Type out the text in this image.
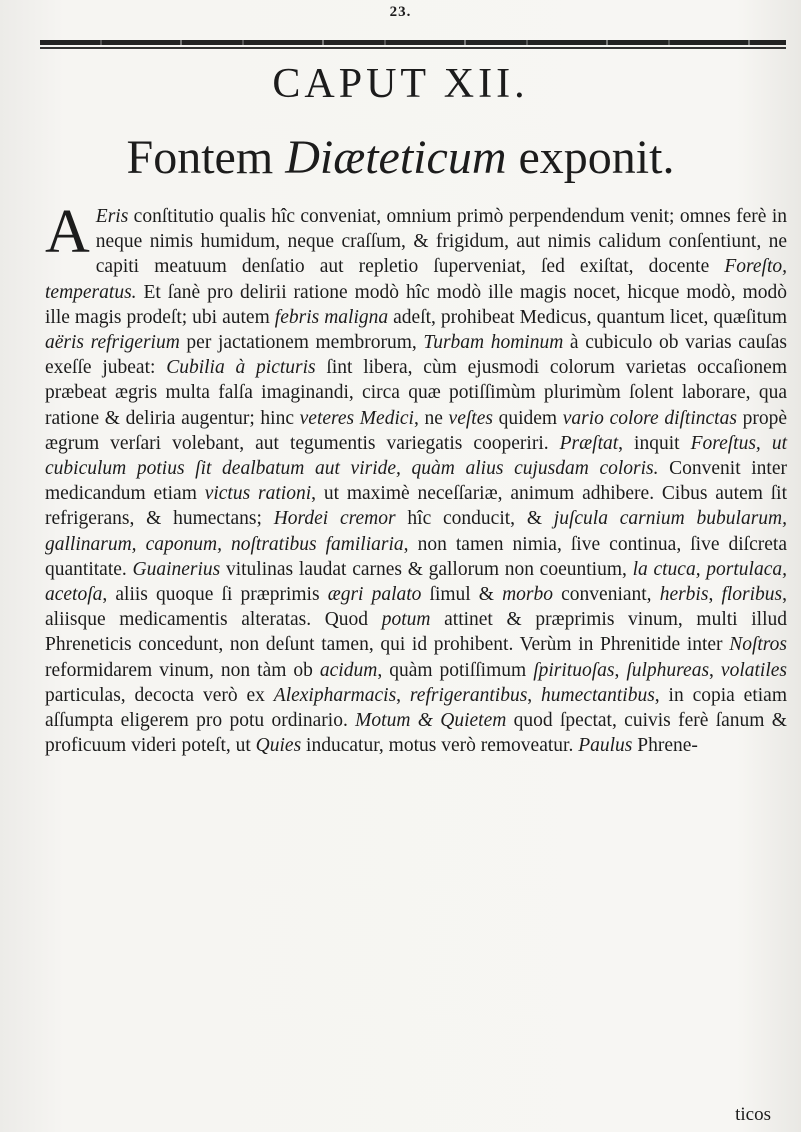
23.
CAPUT XII.
Fontem Diæteticum exponit.

A Eris conſtitutio qualis hîc conveniat, omnium primò perpendendum venit; omnes ferè in neque nimis humidum, neque craſſum, & frigidum, aut nimis calidum conſentiunt, ne capiti meatuum denſatio aut repletio ſuperveniat, ſed exiſtat, docente Foreſto, temperatus. Et ſanè pro delirii ratione modò hîc modò ille magis nocet, hicque modò, modò ille magis prodeſt; ubi autem febris maligna adeſt, prohibeat Medicus, quantum licet, quæſitum aëris refrigerium per jactationem membrorum, Turbam hominum à cubiculo ob varias cauſas exeſſe jubeat: Cubilia à picturis ſint libera, cùm ejusmodi colorum varietas occaſionem præbeat ægris multa falſa imaginandi, circa quæ potiſſimùm plurimùm ſolent laborare, qua ratione & deliria augentur; hinc veteres Medici, ne veſtes quidem vario colore diſtinctas propè ægrum verſari volebant, aut tegumentis variegatis cooperiri. Præſtat, inquit Foreſtus, ut cubiculum potius ſit dealbatum aut viride, quàm alius cujusdam coloris. Convenit inter medicandum etiam victus rationi, ut maximè neceſſariæ, animum adhibere. Cibus autem ſit refrigerans, & humectans; Hordei cremor hîc conducit, & juſcula carnium bubularum, gallinarum, caponum, noſtratibus familiaria, non tamen nimia, ſive continua, ſive diſcreta quantitate. Guainerius vitulinas laudat carnes & gallorum non coeuntium, la ctuca, portulaca, acetoſa, aliis quoque ſi præprimis ægri palato ſimul & morbo conveniant, herbis, floribus, aliisque medicamentis alteratas. Quod potum attinet & præprimis vinum, multi illud Phreneticis concedunt, non deſunt tamen, qui id prohibent. Verùm in Phrenitide inter Noſtros reformidarem vinum, non tàm ob acidum, quàm potiſſimum ſpirituoſas, ſulphureas, volatiles particulas, decocta verò ex Alexipharmacis, refrigerantibus, humectantibus, in copia etiam aſſumpta eligerem pro potu ordinario. Motum & Quietem quod ſpectat, cuivis ferè ſanum & proficuum videri poteſt, ut Quies inducatur, motus verò removeatur. Paulus Phrene-

ticos
